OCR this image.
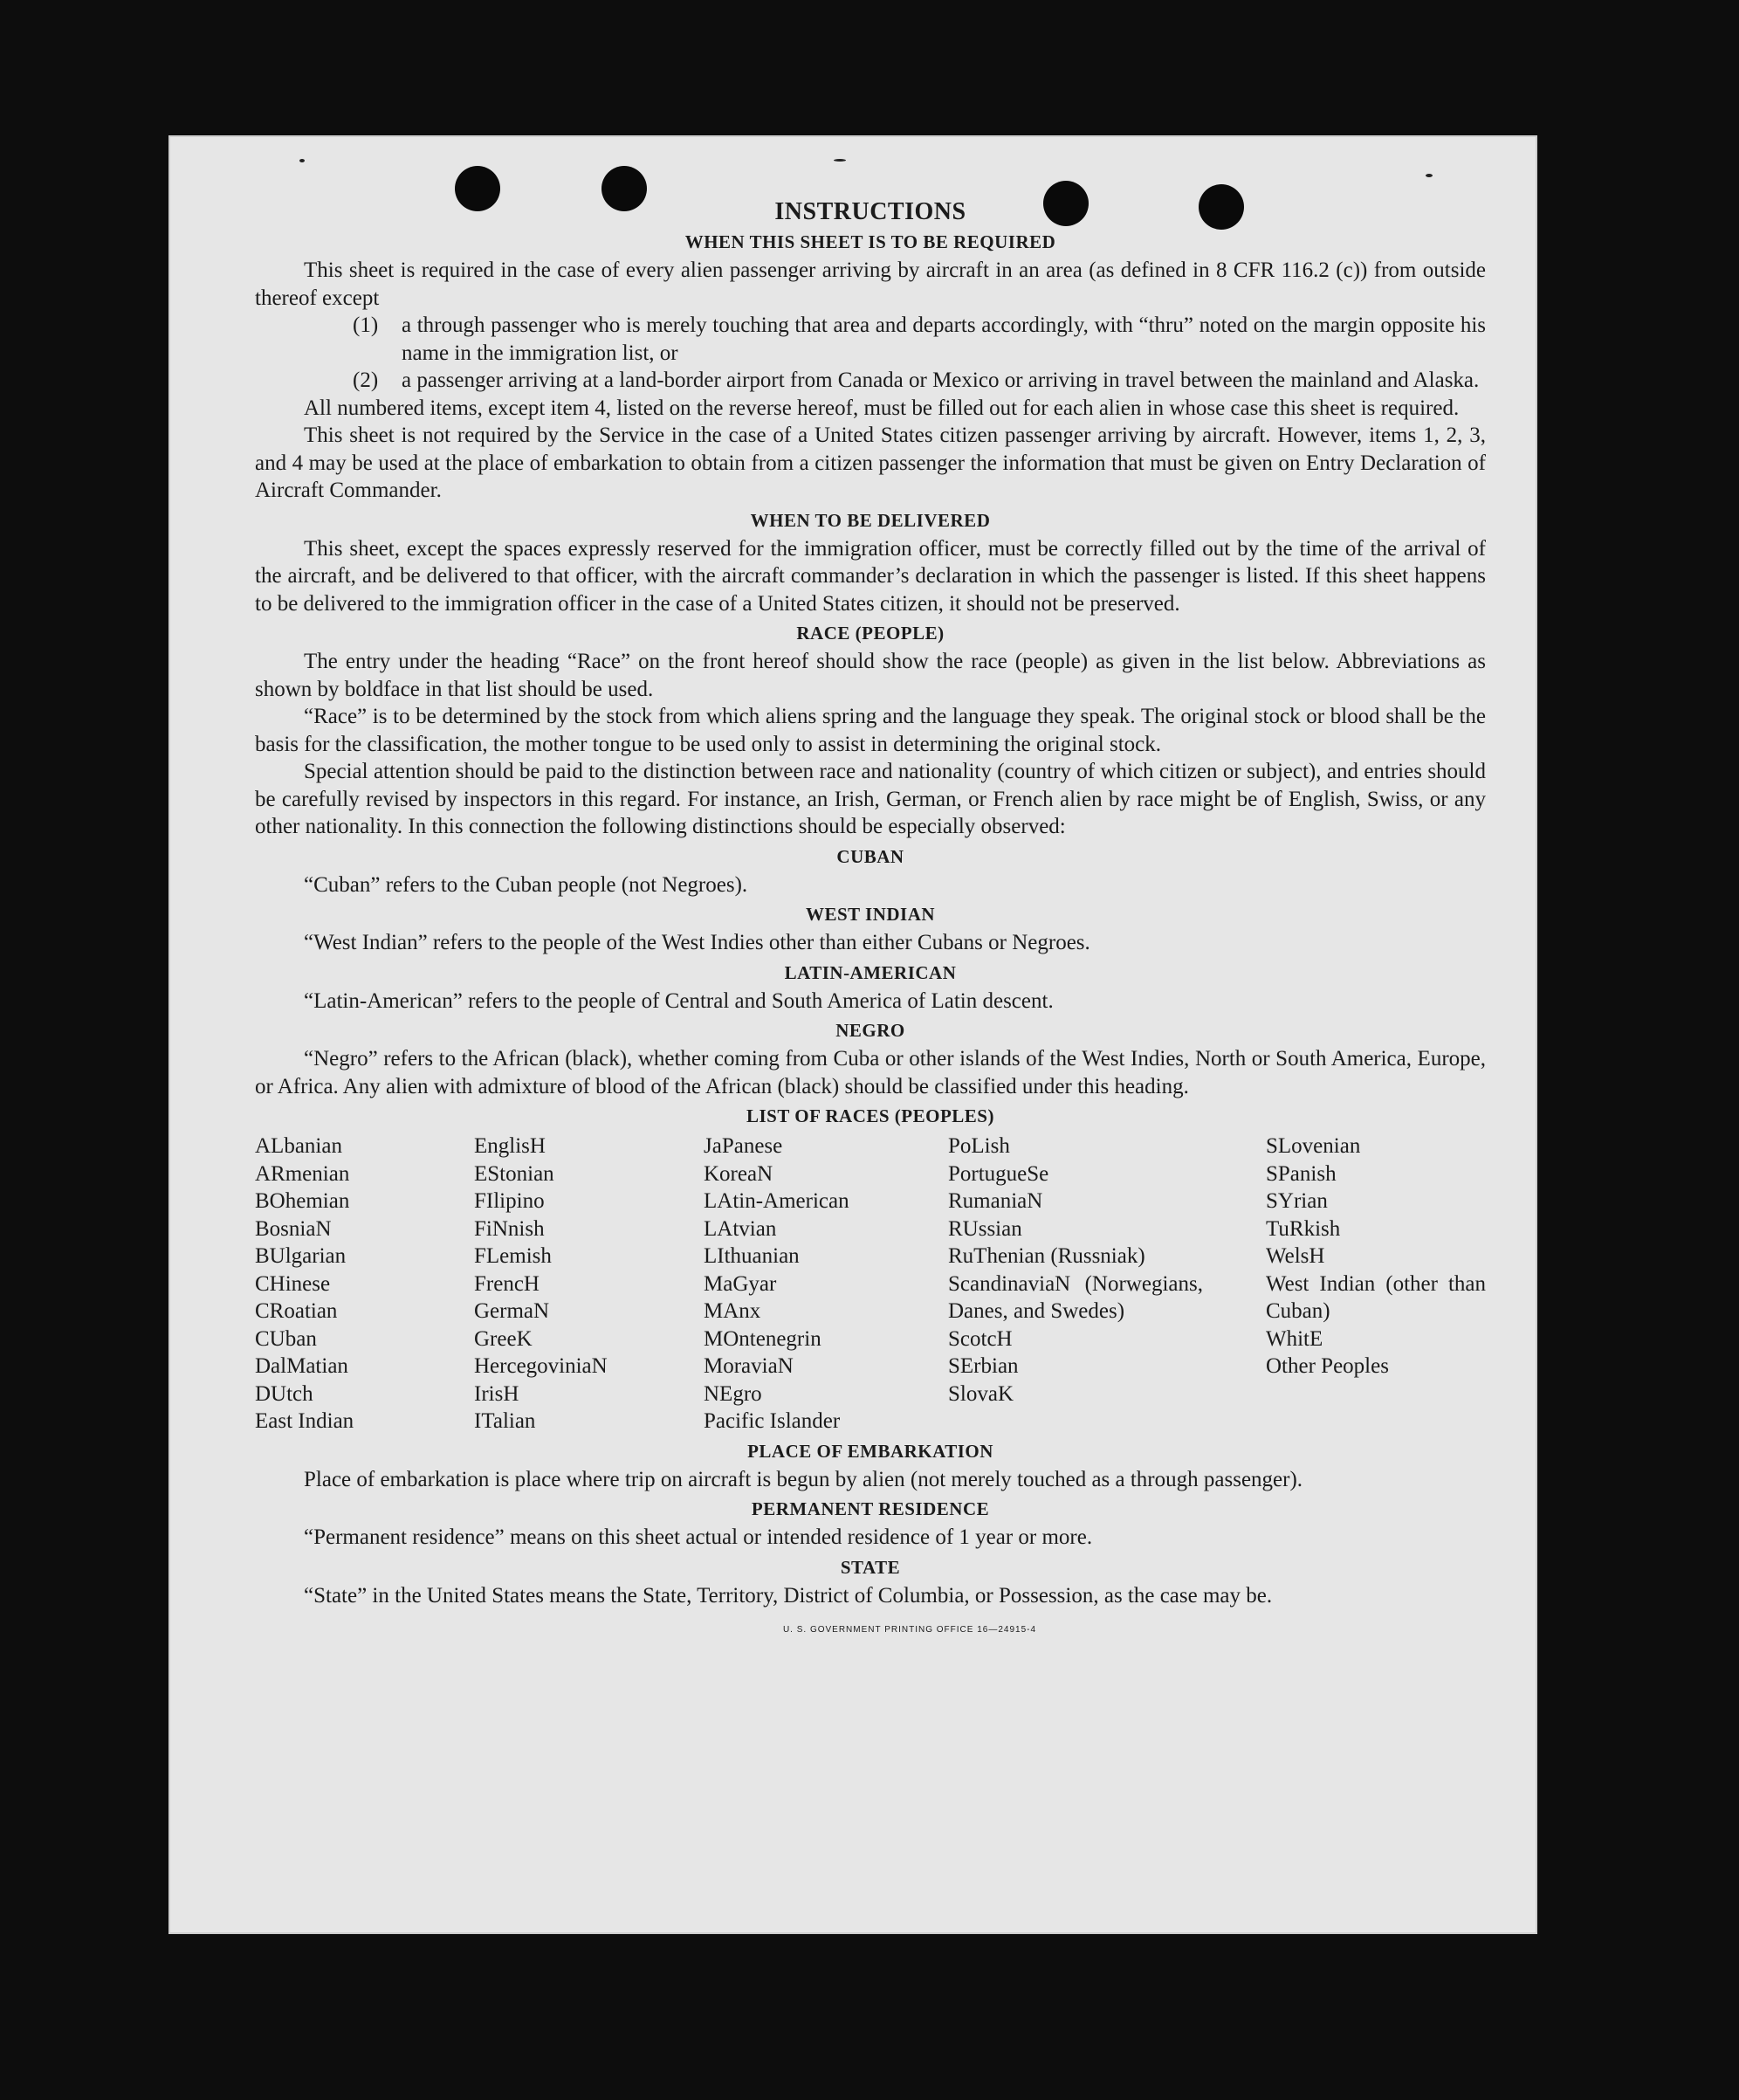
INSTRUCTIONS
WHEN THIS SHEET IS TO BE REQUIRED

This sheet is required in the case of every alien passenger arriving by aircraft in an area (as defined in 8 CFR 116.2 (c)) from outside thereof except

(1)	a through passenger who is merely touching that area and departs accordingly, with “thru” noted on the margin opposite his name in the immigration list, or

(2)	a passenger arriving at a land-border airport from Canada or Mexico or arriving in travel between the mainland and Alaska.

All numbered items, except item 4, listed on the reverse hereof, must be filled out for each alien in whose case this sheet is required.

This sheet is not required by the Service in the case of a United States citizen passenger arriving by aircraft. However, items 1, 2, 3, and 4 may be used at the place of embarkation to obtain from a citizen passenger the information that must be given on Entry Declaration of Aircraft Commander.

WHEN TO BE DELIVERED

This sheet, except the spaces expressly reserved for the immigration officer, must be correctly filled out by the time of the arrival of the aircraft, and be delivered to that officer, with the aircraft commander’s declaration in which the passenger is listed. If this sheet happens to be delivered to the immigration officer in the case of a United States citizen, it should not be preserved.

RACE (PEOPLE)

The entry under the heading “Race” on the front hereof should show the race (people) as given in the list below. Abbreviations as shown by boldface in that list should be used.

“Race” is to be determined by the stock from which aliens spring and the language they speak. The original stock or blood shall be the basis for the classification, the mother tongue to be used only to assist in determining the original stock.

Special attention should be paid to the distinction between race and nationality (country of which citizen or subject), and entries should be carefully revised by inspectors in this regard. For instance, an Irish, German, or French alien by race might be of English, Swiss, or any other nationality. In this connection the following distinctions should be especially observed:

CUBAN

“Cuban” refers to the Cuban people (not Negroes).

WEST INDIAN

“West Indian” refers to the people of the West Indies other than either Cubans or Negroes.

LATIN-AMERICAN

“Latin-American” refers to the people of Central and South America of Latin descent.

NEGRO

“Negro” refers to the African (black), whether coming from Cuba or other islands of the West Indies, North or South America, Europe, or Africa. Any alien with admixture of blood of the African (black) should be classified under this heading.

LIST OF RACES (PEOPLES)
ALbanian
ARmenian
BOhemian
BosniaN
BUlgarian
CHinese
CRoatian
CUban
DalMatian
DUtch
East Indian
EnglisH
EStonian
FIlipino
FiNnish
FLemish
FrencH
GermaN
GreeK
HercegoviniaN
IrisH
ITalian
JaPanese
KoreaN
LAtin-American
LAtvian
LIthuanian
MaGyar
MAnx
MOntenegrin
MoraviaN
NEgro
Pacific Islander
PoLish
PortugueSe
RumaniaN
RUssian
RuThenian (Russniak)
ScandinaviaN (Norwegians, Danes, and Swedes)
ScotcH
SErbian
SlovaK
SLovenian
SPanish
SYrian
TuRkish
WelsH
West Indian (other than Cuban)
WhitE
Other Peoples
PLACE OF EMBARKATION

Place of embarkation is place where trip on aircraft is begun by alien (not merely touched as a through passenger).

PERMANENT RESIDENCE

“Permanent residence” means on this sheet actual or intended residence of 1 year or more.

STATE

“State” in the United States means the State, Territory, District of Columbia, or Possession, as the case may be.

U. S. GOVERNMENT PRINTING OFFICE 16—24915-4
